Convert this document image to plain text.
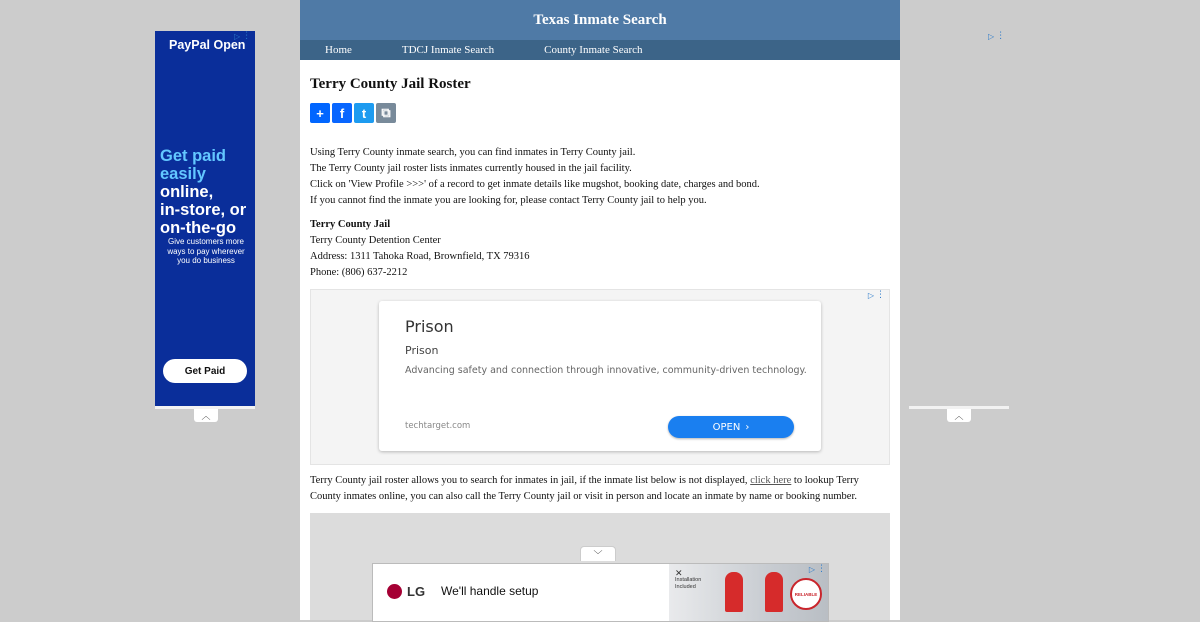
PayPal Open
Get paid
easily
online,
in-store, or
on-the-go
Give customers more ways to pay wherever you do business
Get Paid
▷ ⋮
︿
▷ ⋮
︿
Texas Inmate Search
Home	TDCJ Inmate Search	County Inmate Search
Terry County Jail Roster
+	f	t	⧉

Using Terry County inmate search, you can find inmates in Terry County jail.

The Terry County jail roster lists inmates currently housed in the jail facility.

Click on 'View Profile >>>' of a record to get inmate details like mugshot, booking date, charges and bond.

If you cannot find the inmate you are looking for, please contact Terry County jail to help you.

Terry County Jail

Terry County Detention Center

Address: 1311 Tahoka Road, Brownfield, TX 79316

Phone: (806) 637-2212

▷ ⋮
Prison
Prison
Advancing safety and connection through innovative, community-driven technology.
techtarget.com	OPEN ›

Terry County jail roster allows you to search for inmates in jail, if the inmate list below is not displayed, click here to lookup Terry County inmates online, you can also call the Terry County jail or visit in person and locate an inmate by name or booking number.

﹀
LG We'll handle setup
✕
Installation
Included
RELIABLE
▷ ⋮
